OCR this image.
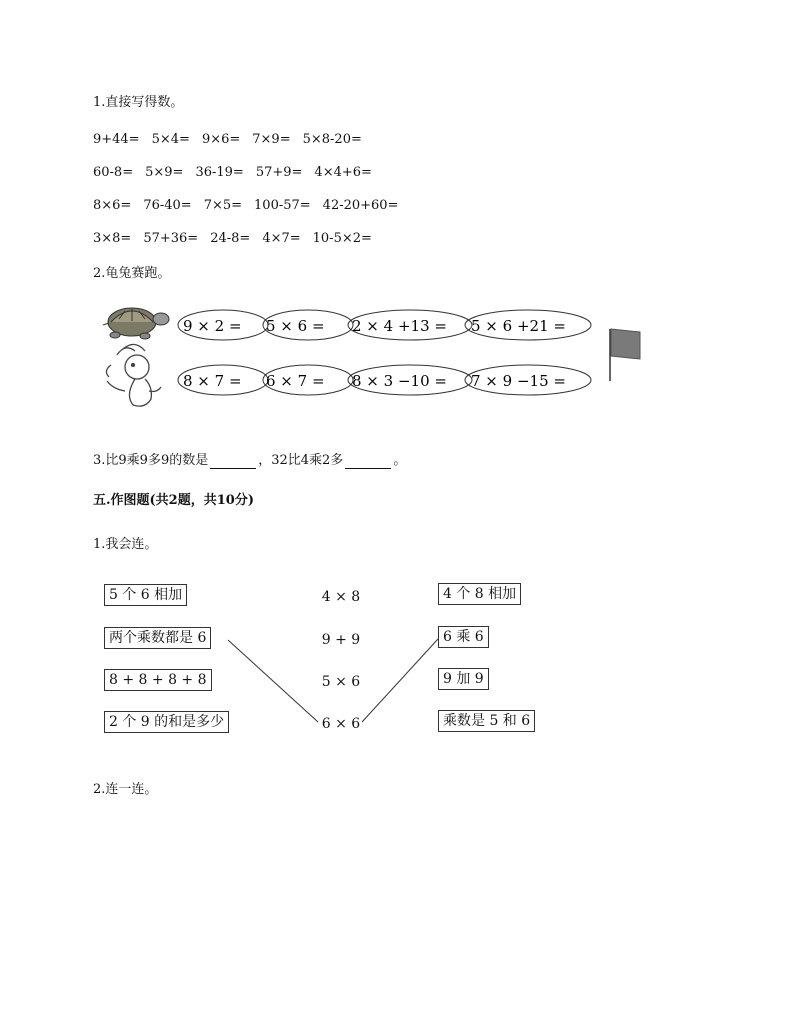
1.直接写得数。
9+44= 5×4= 9×6= 7×9= 5×8-20=
60-8= 5×9= 36-19= 57+9= 4×4+6=
8×6= 76-40= 7×5= 100-57= 42-20+60=
3×8= 57+36= 24-8= 4×7= 10-5×2=
2.龟兔赛跑。
9 × 2 = 5 × 6 = 2 × 4 +13 = 5 × 6 +21 =
8 × 7 = 6 × 7 = 8 × 3 −10 = 7 × 9 −15 =
3.比9乘9多9的数是	，32比4乘2多	。
五.作图题(共2题，共10分)
1.我会连。
5 个 6 相加
两个乘数都是 6
8 + 8 + 8 + 8
2 个 9 的和是多少
4 × 8
9 + 9
5 × 6
6 × 6
4 个 8 相加
6 乘 6
9 加 9
乘数是 5 和 6
2.连一连。
